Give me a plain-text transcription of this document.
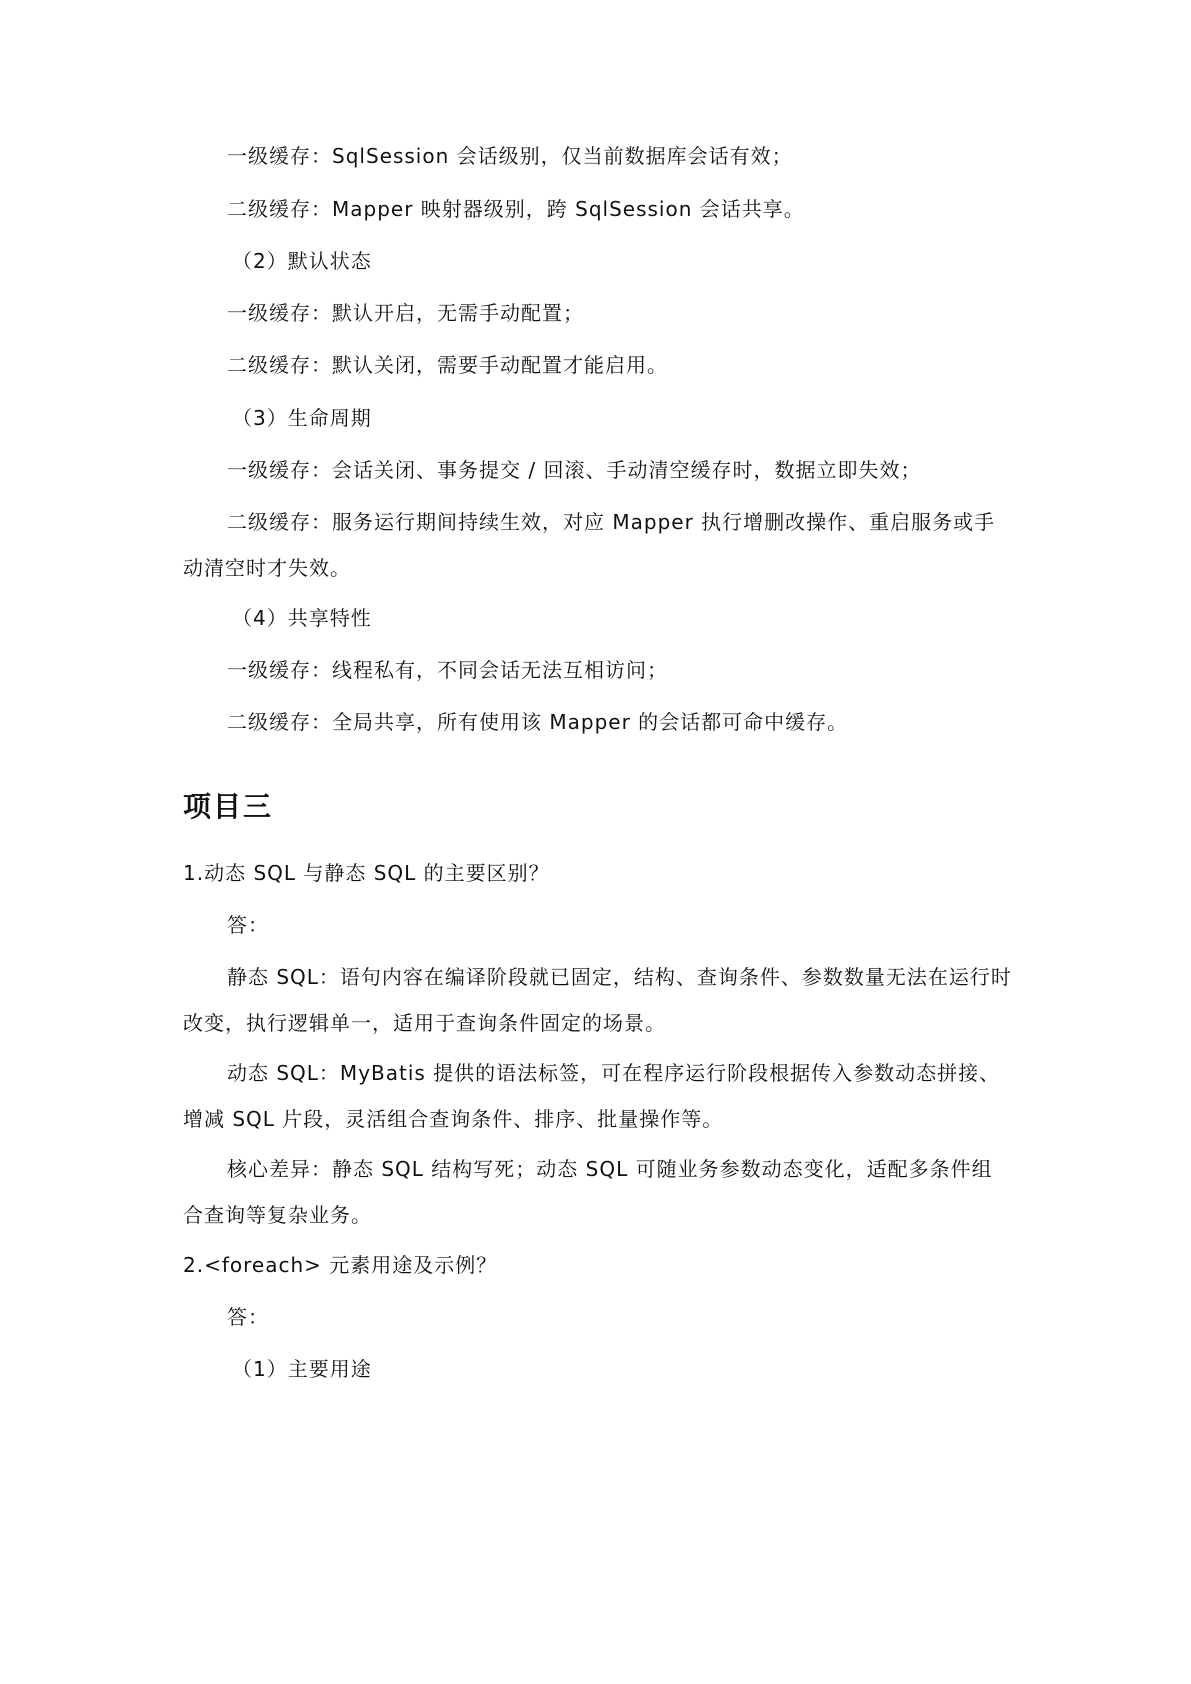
一级缓存：SqlSession 会话级别，仅当前数据库会话有效；
二级缓存：Mapper 映射器级别，跨 SqlSession 会话共享。
（2）默认状态
一级缓存：默认开启，无需手动配置；
二级缓存：默认关闭，需要手动配置才能启用。
（3）生命周期
一级缓存：会话关闭、事务提交 / 回滚、手动清空缓存时，数据立即失效；
二级缓存：服务运行期间持续生效，对应 Mapper 执行增删改操作、重启服务或手动清空时才失效。
（4）共享特性
一级缓存：线程私有，不同会话无法互相访问；
二级缓存：全局共享，所有使用该 Mapper 的会话都可命中缓存。
项目三
1.动态 SQL 与静态 SQL 的主要区别？
答：
静态 SQL：语句内容在编译阶段就已固定，结构、查询条件、参数数量无法在运行时改变，执行逻辑单一，适用于查询条件固定的场景。
动态 SQL：MyBatis 提供的语法标签，可在程序运行阶段根据传入参数动态拼接、增减 SQL 片段，灵活组合查询条件、排序、批量操作等。
核心差异：静态 SQL 结构写死；动态 SQL 可随业务参数动态变化，适配多条件组合查询等复杂业务。
2.<foreach> 元素用途及示例？
答：
（1）主要用途
